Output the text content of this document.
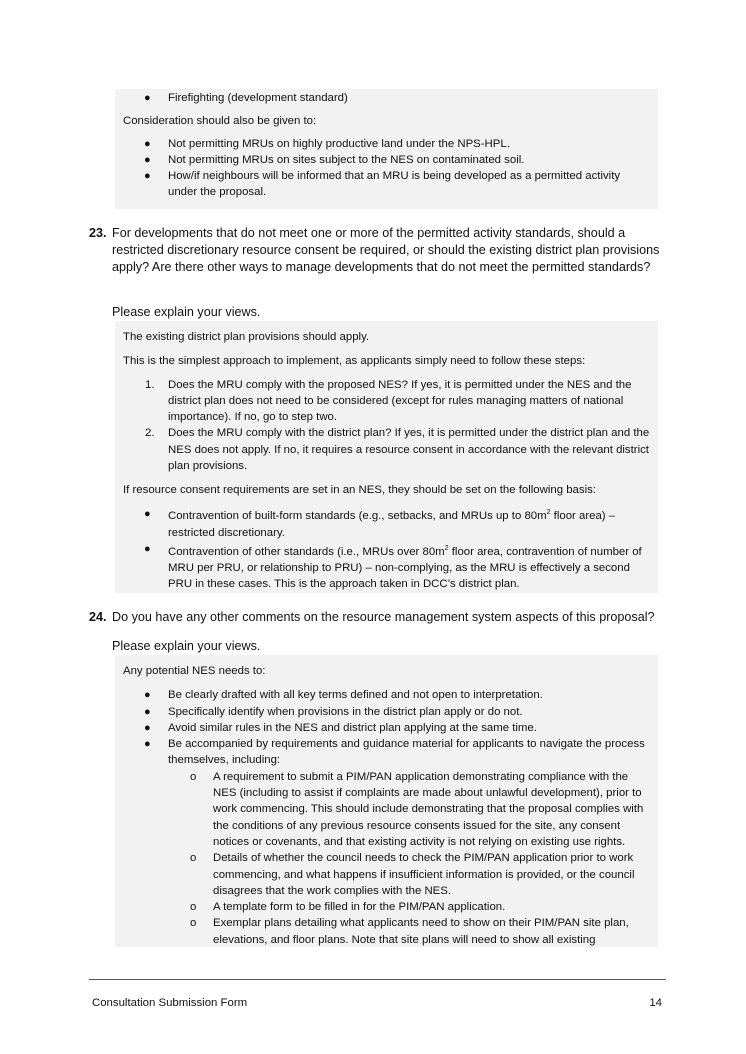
● Firefighting (development standard)

Consideration should also be given to:

● Not permitting MRUs on highly productive land under the NPS-HPL.
● Not permitting MRUs on sites subject to the NES on contaminated soil.
● How/if neighbours will be informed that an MRU is being developed as a permitted activity under the proposal.
23. For developments that do not meet one or more of the permitted activity standards, should a restricted discretionary resource consent be required, or should the existing district plan provisions apply? Are there other ways to manage developments that do not meet the permitted standards?
Please explain your views.

The existing district plan provisions should apply.

This is the simplest approach to implement, as applicants simply need to follow these steps:

1. Does the MRU comply with the proposed NES? If yes, it is permitted under the NES and the district plan does not need to be considered (except for rules managing matters of national importance). If no, go to step two.
2. Does the MRU comply with the district plan? If yes, it is permitted under the district plan and the NES does not apply. If no, it requires a resource consent in accordance with the relevant district plan provisions.

If resource consent requirements are set in an NES, they should be set on the following basis:

● Contravention of built-form standards (e.g., setbacks, and MRUs up to $80m^2$ floor area) – restricted discretionary.
● Contravention of other standards (i.e., MRUs over $80m^2$ floor area, contravention of number of MRU per PRU, or relationship to PRU) – non-complying, as the MRU is effectively a second PRU in these cases. This is the approach taken in DCC’s district plan.
24. Do you have any other comments on the resource management system aspects of this proposal?
Please explain your views.

Any potential NES needs to:

● Be clearly drafted with all key terms defined and not open to interpretation.
● Specifically identify when provisions in the district plan apply or do not.
● Avoid similar rules in the NES and district plan applying at the same time.
● Be accompanied by requirements and guidance material for applicants to navigate the process themselves, including:
o A requirement to submit a PIM/PAN application demonstrating compliance with the NES (including to assist if complaints are made about unlawful development), prior to work commencing. This should include demonstrating that the proposal complies with the conditions of any previous resource consents issued for the site, any consent notices or covenants, and that existing activity is not relying on existing use rights.
o Details of whether the council needs to check the PIM/PAN application prior to work commencing, and what happens if insufficient information is provided, or the council disagrees that the work complies with the NES.
o A template form to be filled in for the PIM/PAN application.
o Exemplar plans detailing what applicants need to show on their PIM/PAN site plan, elevations, and floor plans. Note that site plans will need to show all existing
Consultation Submission Form	14
